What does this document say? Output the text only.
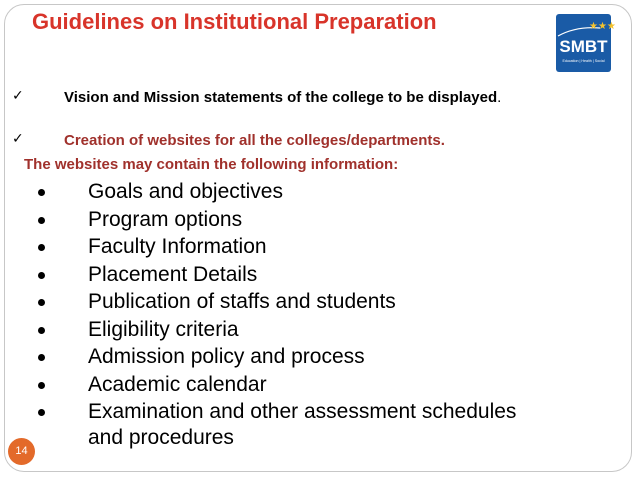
Guidelines on Institutional Preparation	★★★
SMBT
Education | Health | Social
✓	Vision and Mission statements of the college to be displayed.
✓	Creation of websites for all the colleges/departments.

The websites may contain the following information:

Goals and objectives
Program options
Faculty Information
Placement Details
Publication of staffs and students
Eligibility criteria
Admission policy and process
Academic calendar
Examination and other assessment schedules
and procedures
14
